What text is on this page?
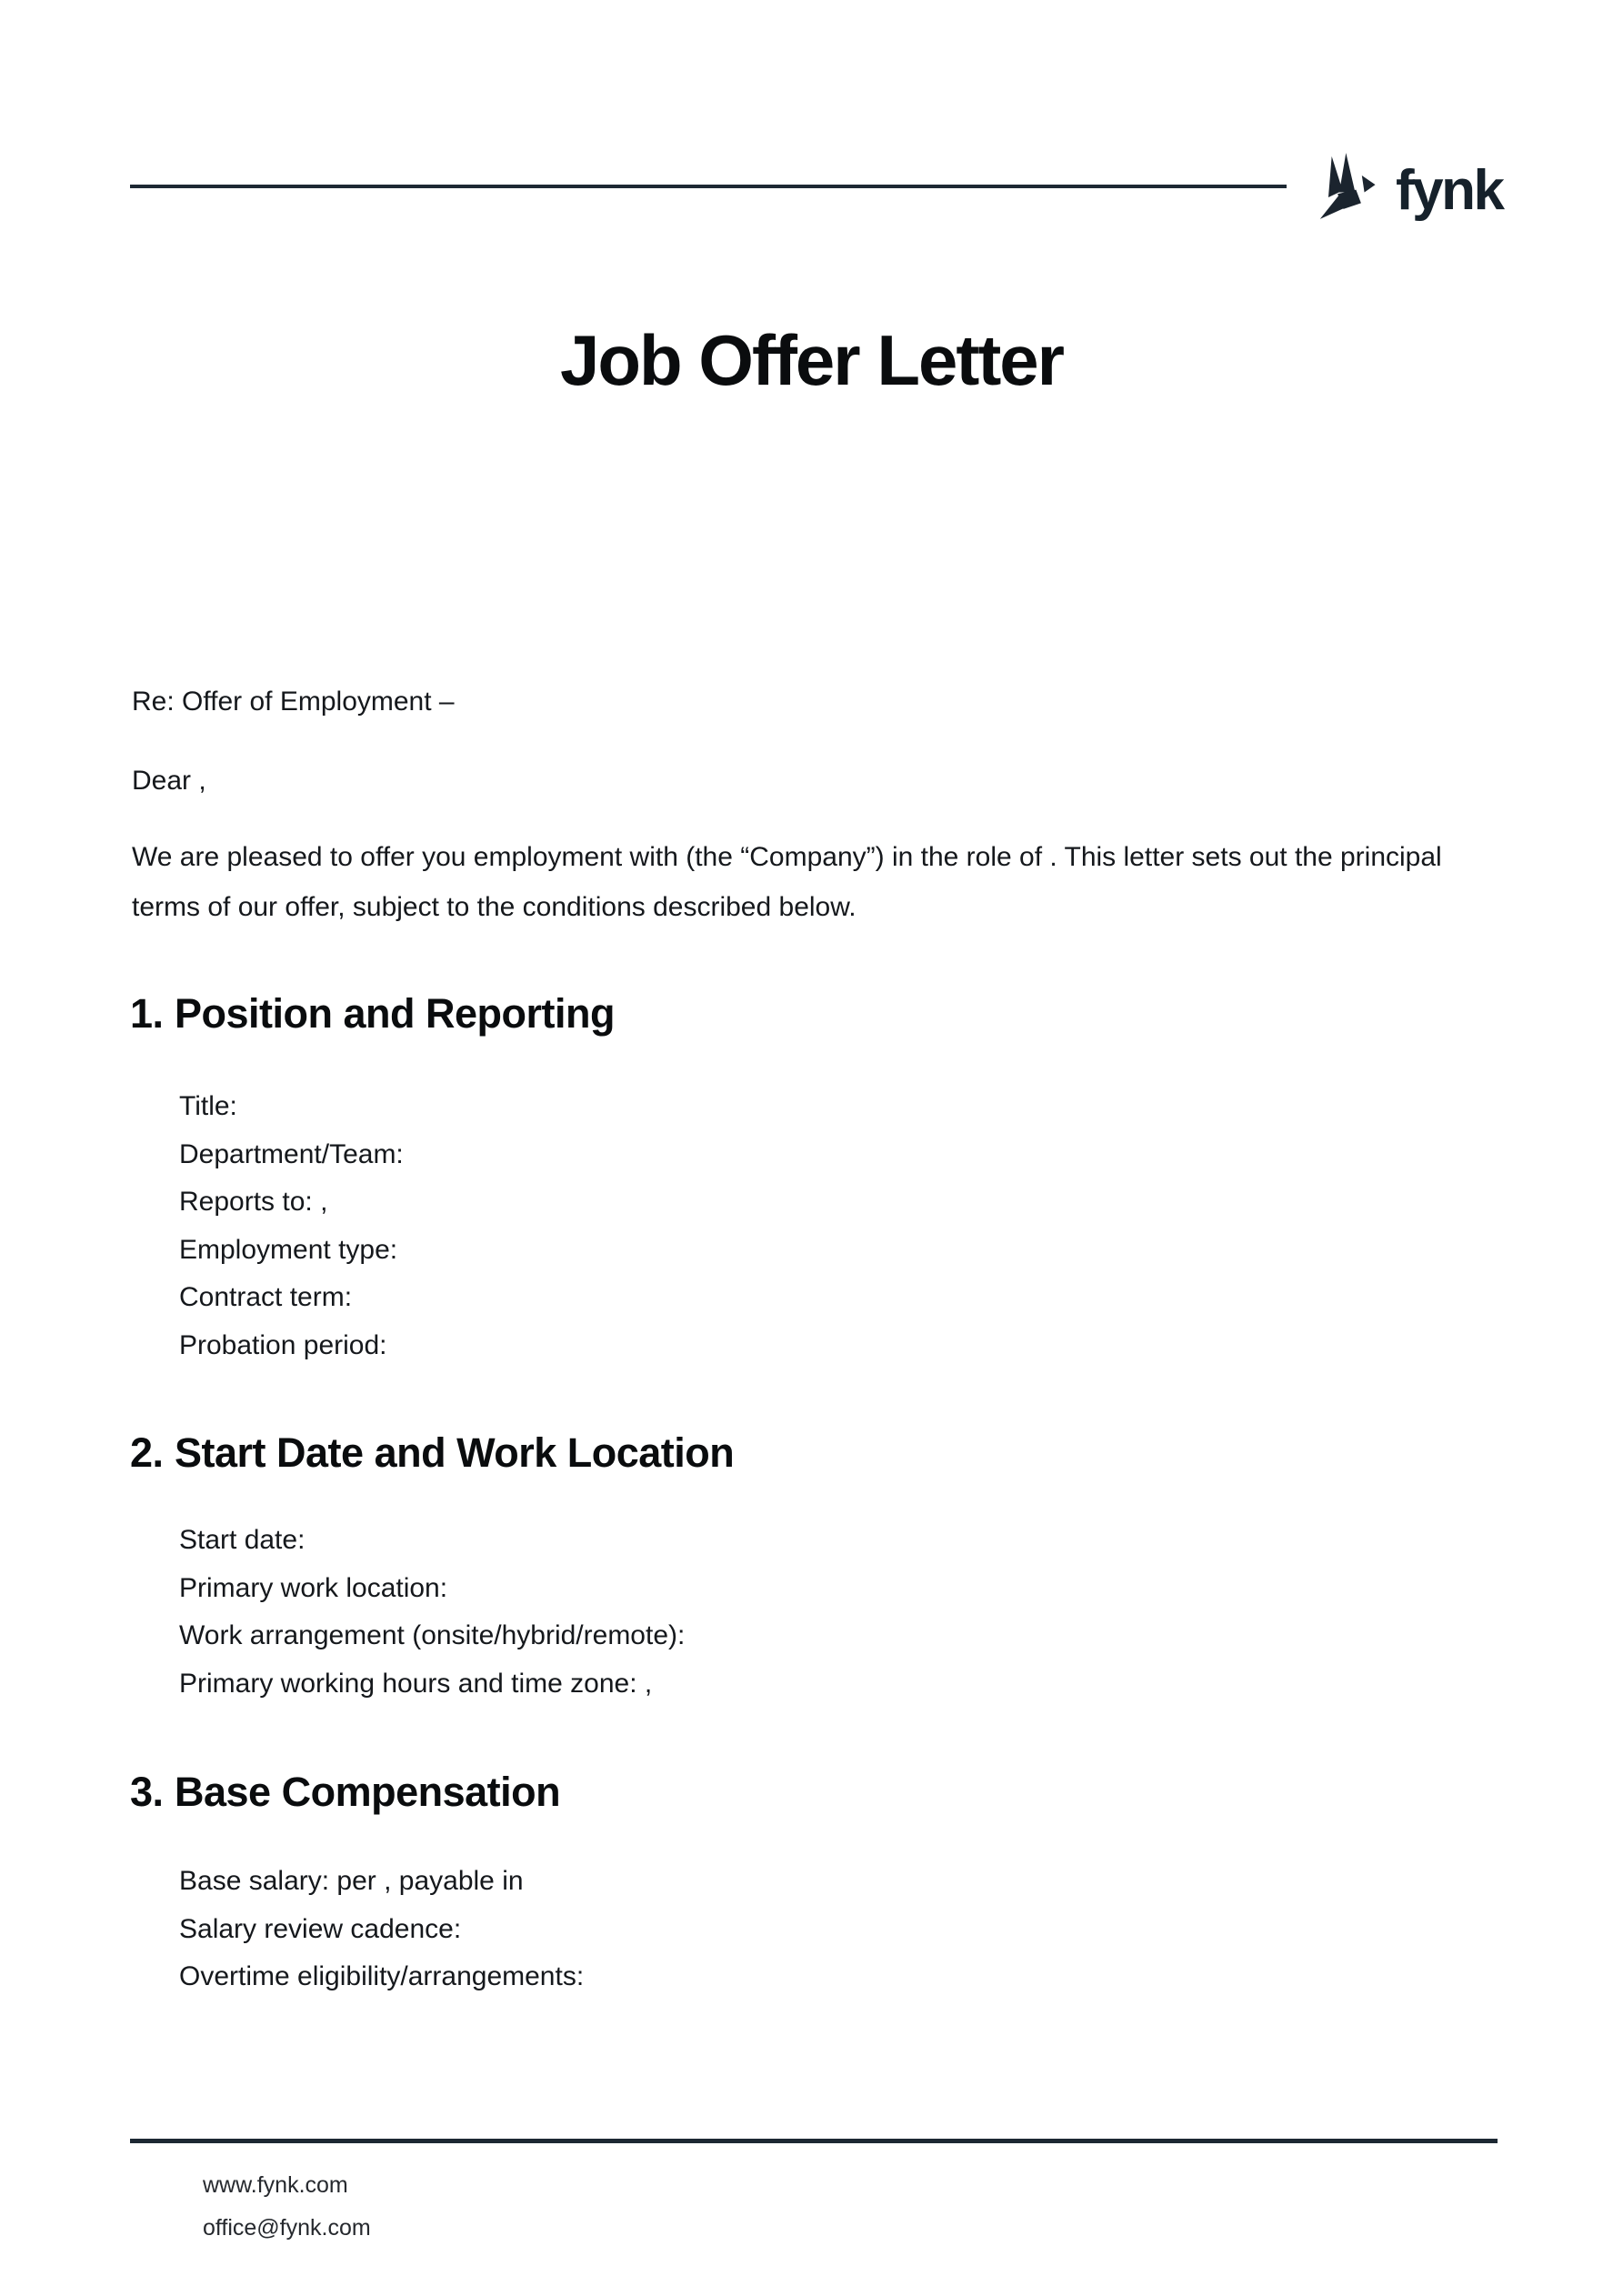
fynk
Job Offer Letter
Re: Offer of Employment –
Dear ,
We are pleased to offer you employment with (the “Company”) in the role of . This letter sets out the principal terms of our offer, subject to the conditions described below.
1. Position and Reporting
Title:
Department/Team:
Reports to: ,
Employment type:
Contract term:
Probation period:
2. Start Date and Work Location
Start date:
Primary work location:
Work arrangement (onsite/hybrid/remote):
Primary working hours and time zone: ,
3. Base Compensation
Base salary: per , payable in
Salary review cadence:
Overtime eligibility/arrangements:
www.fynk.com
office@fynk.com
